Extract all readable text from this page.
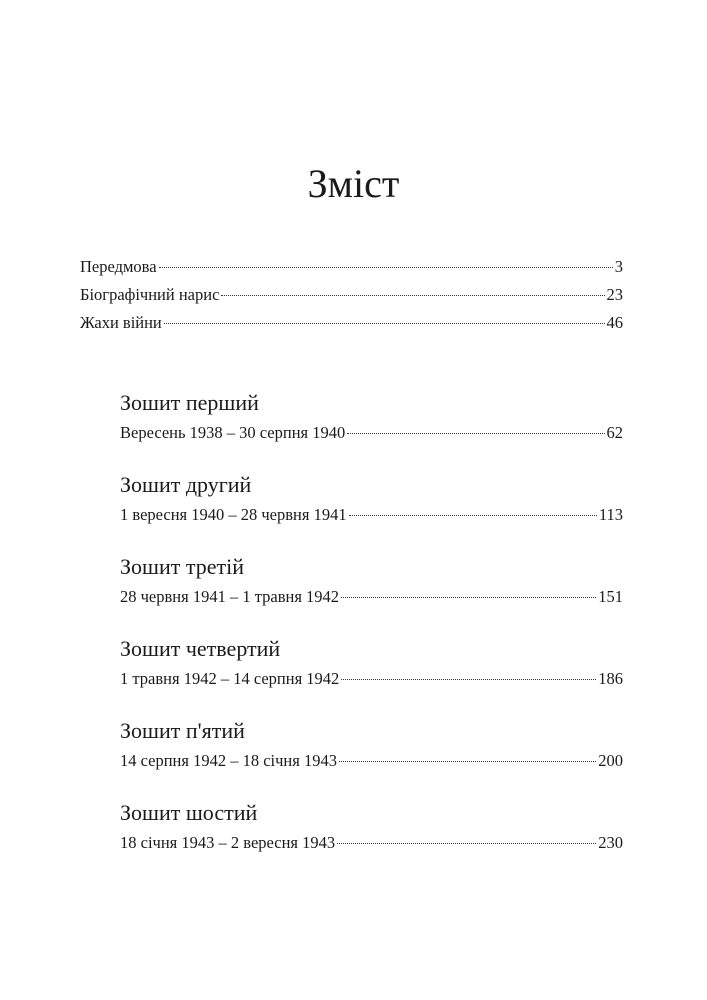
Зміст
Передмова	3
Біографічний нарис	23
Жахи війни	46
Зошит перший
Вересень 1938 – 30 серпня 1940	62
Зошит другий
1 вересня 1940 – 28 червня 1941	113
Зошит третій
28 червня 1941 – 1 травня 1942	151
Зошит четвертий
1 травня 1942 – 14 серпня 1942	186
Зошит п'ятий
14 серпня 1942 – 18 січня 1943	200
Зошит шостий
18 січня 1943 – 2 вересня 1943	230
